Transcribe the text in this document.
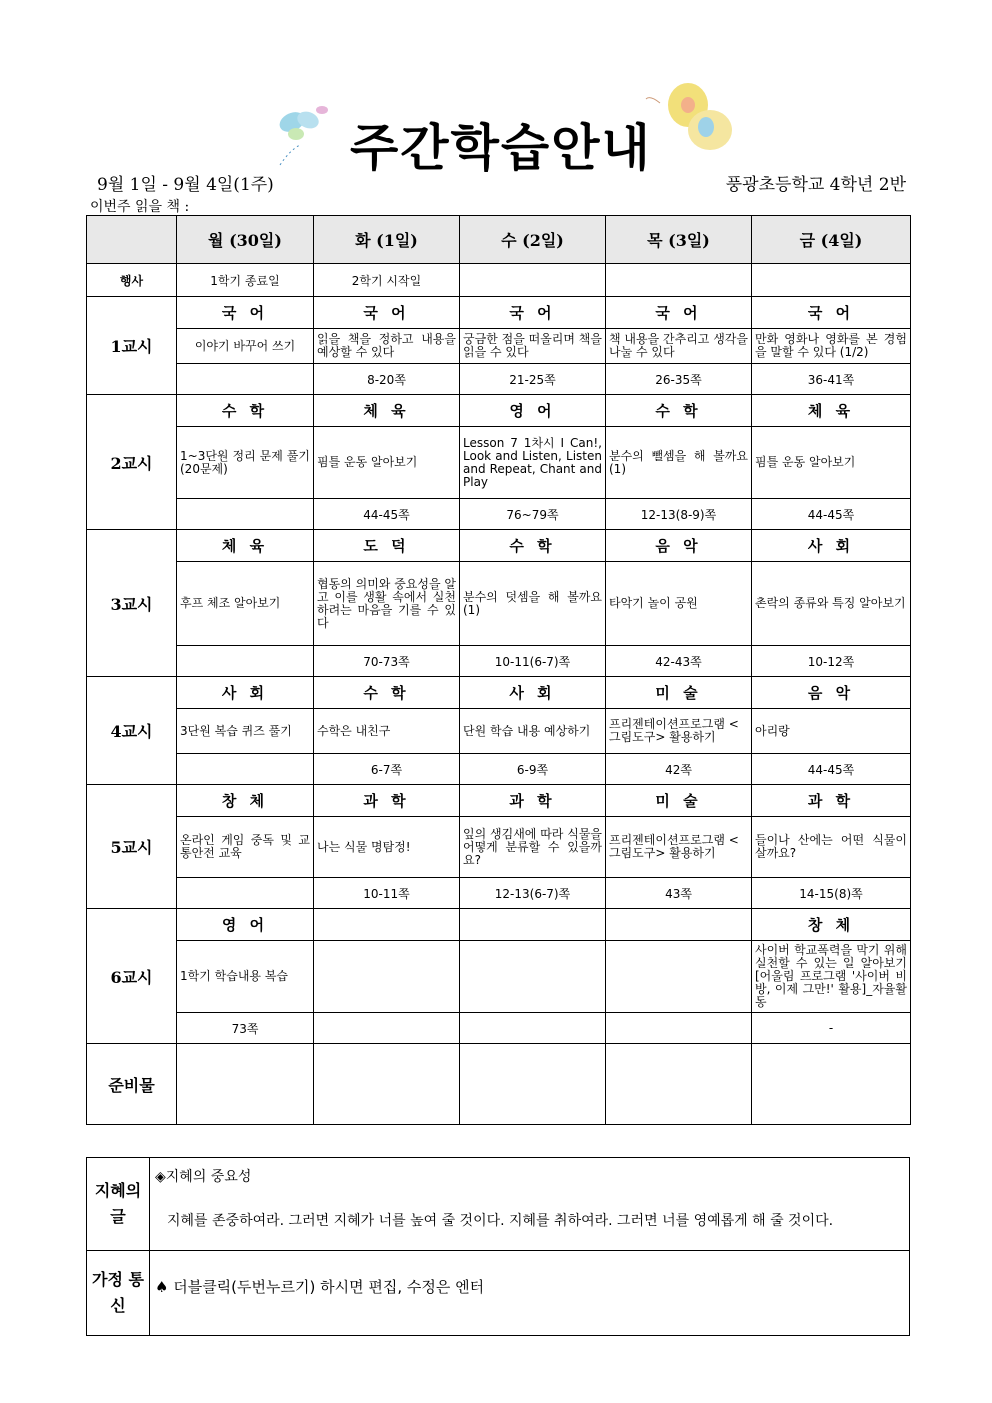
주간학습안내
9월 1일 - 9월 4일(1주)	풍광초등학교 4학년 2반
이번주 읽을 책 :
	월 (30일)	화 (1일)	수 (2일)	목 (3일)	금 (4일)
행사	1학기 종료일	2학기 시작일			
1교시	국 어	국 어	국 어	국 어	국 어
	이야기 바꾸어 쓰기	읽을 책을 정하고 내용을 예상할 수 있다	궁금한 점을 떠올리며 책을 읽을 수 있다	책 내용을 간추리고 생각을 나눌 수 있다	만화 영화나 영화를 본 경험을 말할 수 있다 (1/2)
		8-20쪽	21-25쪽	26-35쪽	36-41쪽
2교시	수 학	체 육	영 어	수 학	체 육
	1~3단원 정리 문제 풀기(20문제)	핌틀 운동 알아보기	Lesson 7 1차시 I Can!, Look and Listen, Listen and Repeat, Chant and Play	분수의 뺄셈을 해 볼까요(1)	핌틀 운동 알아보기
		44-45쪽	76~79쪽	12-13(8-9)쪽	44-45쪽
3교시	체 육	도 덕	수 학	음 악	사 회
	후프 체조 알아보기	협동의 의미와 중요성을 알고 이를 생활 속에서 실천하려는 마음을 기를 수 있다	분수의 덧셈을 해 볼까요(1)	타악기 놀이 공원	촌락의 종류와 특징 알아보기
		70-73쪽	10-11(6-7)쪽	42-43쪽	10-12쪽
4교시	사 회	수 학	사 회	미 술	음 악
	3단원 복습 퀴즈 풀기	수학은 내친구	단원 학습 내용 예상하기	프리젠테이션프로그램 <그림도구> 활용하기	아리랑
		6-7쪽	6-9쪽	42쪽	44-45쪽
5교시	창 체	과 학	과 학	미 술	과 학
	온라인 게임 중독 및 교통안전 교육	나는 식물 명탐정!	잎의 생김새에 따라 식물을 어떻게 분류할 수 있을까요?	프리젠테이션프로그램 <그림도구> 활용하기	들이나 산에는 어떤 식물이 살까요?
		10-11쪽	12-13(6-7)쪽	43쪽	14-15(8)쪽
6교시	영 어				창 체
	1학기 학습내용 복습				사이버 학교폭력을 막기 위해 실천할 수 있는 일 알아보기[어울림 프로그램 '사이버 비방, 이제 그만!' 활용]_자율활동
	73쪽				-
준비물					
지혜의 글
◈지혜의 중요성
지혜를 존중하여라. 그러면 지혜가 너를 높여 줄 것이다. 지혜를 취하여라. 그러면 너를 영예롭게 해 줄 것이다.
가정 통신
♠ 더블클릭(두번누르기) 하시면 편집, 수정은 엔터
